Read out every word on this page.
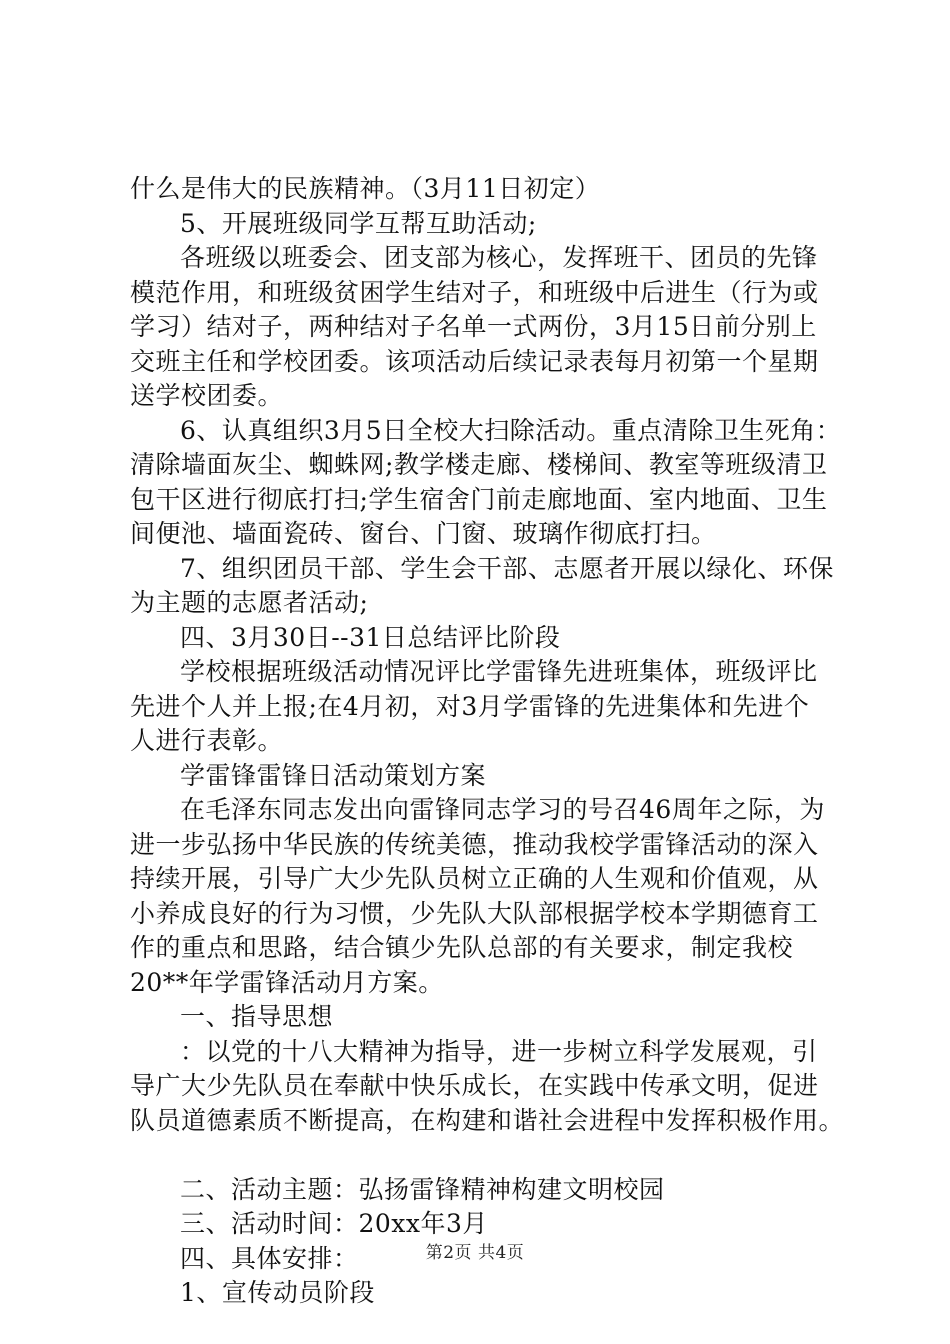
什么是伟大的民族精神。（3月11日初定）
5、开展班级同学互帮互助活动;
各班级以班委会、团支部为核心，发挥班干、团员的先锋
模范作用，和班级贫困学生结对子，和班级中后进生（行为或
学习）结对子，两种结对子名单一式两份，3月15日前分别上
交班主任和学校团委。该项活动后续记录表每月初第一个星期
送学校团委。
6、认真组织3月5日全校大扫除活动。重点清除卫生死角：
清除墙面灰尘、蜘蛛网;教学楼走廊、楼梯间、教室等班级清卫
包干区进行彻底打扫;学生宿舍门前走廊地面、室内地面、卫生
间便池、墙面瓷砖、窗台、门窗、玻璃作彻底打扫。
7、组织团员干部、学生会干部、志愿者开展以绿化、环保
为主题的志愿者活动;
四、3月30日--31日总结评比阶段
学校根据班级活动情况评比学雷锋先进班集体，班级评比
先进个人并上报;在4月初，对3月学雷锋的先进集体和先进个
人进行表彰。
学雷锋雷锋日活动策划方案
在毛泽东同志发出向雷锋同志学习的号召46周年之际，为
进一步弘扬中华民族的传统美德，推动我校学雷锋活动的深入
持续开展，引导广大少先队员树立正确的人生观和价值观，从
小养成良好的行为习惯，少先队大队部根据学校本学期德育工
作的重点和思路，结合镇少先队总部的有关要求，制定我校
20**年学雷锋活动月方案。
一、指导思想
：以党的十八大精神为指导，进一步树立科学发展观，引
导广大少先队员在奉献中快乐成长，在实践中传承文明，促进
队员道德素质不断提高，在构建和谐社会进程中发挥积极作用。
二、活动主题：弘扬雷锋精神构建文明校园
三、活动时间：20xx年3月
四、具体安排：
1、宣传动员阶段
第2页 共4页
